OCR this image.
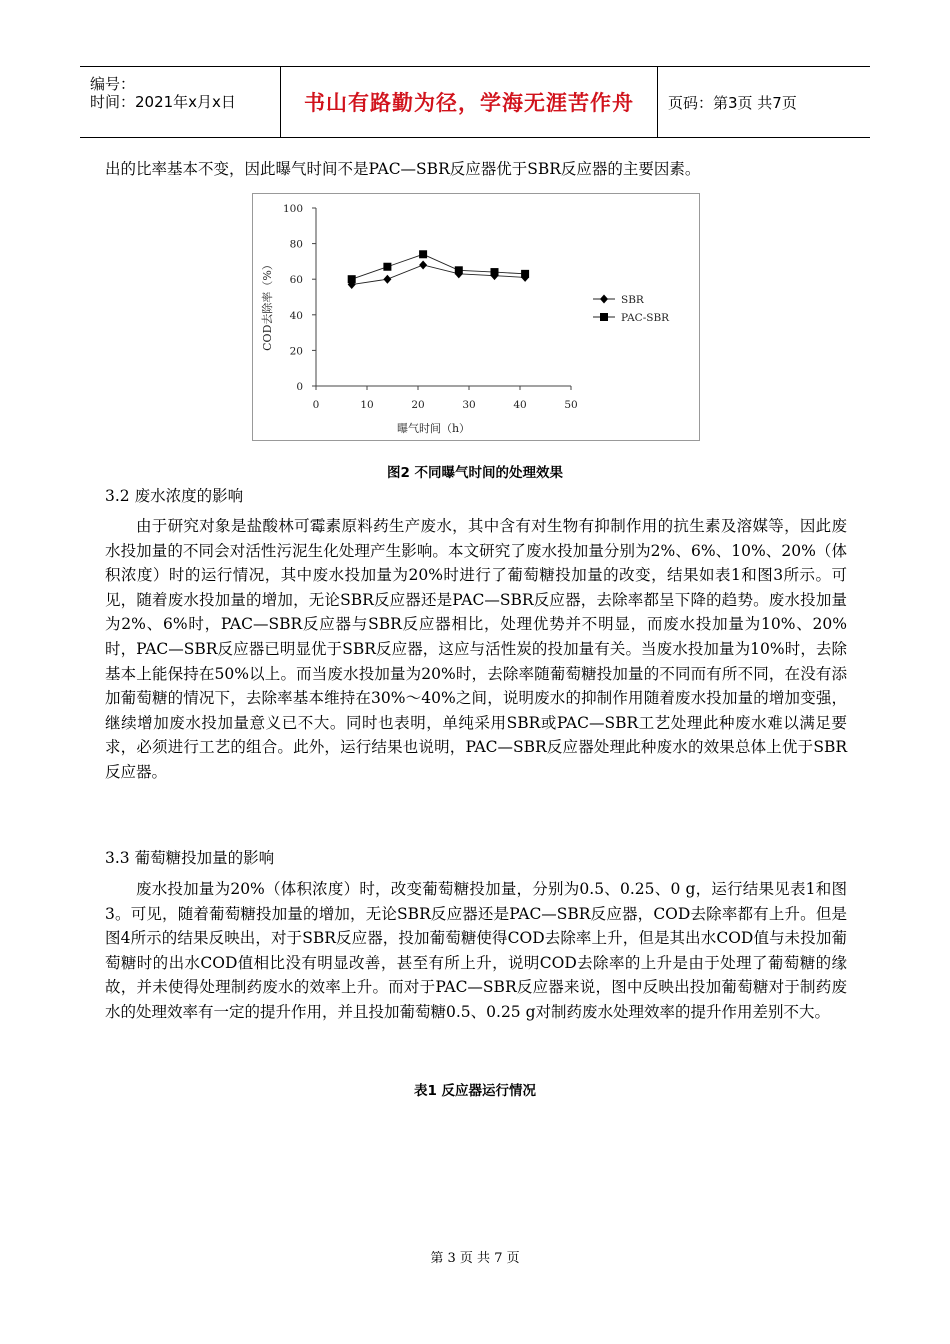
编号：
时间：2021年x月x日	书山有路勤为径，学海无涯苦作舟 页码：第3页 共7页
出的比率基本不变，因此曝气时间不是PAC—SBR反应器优于SBR反应器的主要因素。
0
20
40
60
80
100
0	10	20	30	40	50
曝气时间（h）
COD去除率（%）	SBR
PAC-SBR
图2 不同曝气时间的处理效果
3.2 废水浓度的影响
由于研究对象是盐酸林可霉素原料药生产废水，其中含有对生物有抑制作用的抗生素及溶媒等，因此废水投加量的不同会对活性污泥生化处理产生影响。本文研究了废水投加量分别为2%、6%、10%、20%（体积浓度）时的运行情况，其中废水投加量为20%时进行了葡萄糖投加量的改变，结果如表1和图3所示。可见，随着废水投加量的增加，无论SBR反应器还是PAC—SBR反应器，去除率都呈下降的趋势。废水投加量为2%、6%时，PAC—SBR反应器与SBR反应器相比，处理优势并不明显，而废水投加量为10%、20%时，PAC—SBR反应器已明显优于SBR反应器，这应与活性炭的投加量有关。当废水投加量为10%时，去除基本上能保持在50%以上。而当废水投加量为20%时，去除率随葡萄糖投加量的不同而有所不同，在没有添加葡萄糖的情况下，去除率基本维持在30%～40%之间，说明废水的抑制作用随着废水投加量的增加变强，继续增加废水投加量意义已不大。同时也表明，单纯采用SBR或PAC—SBR工艺处理此种废水难以满足要求，必须进行工艺的组合。此外，运行结果也说明，PAC—SBR反应器处理此种废水的效果总体上优于SBR反应器。
3.3 葡萄糖投加量的影响
废水投加量为20%（体积浓度）时，改变葡萄糖投加量，分别为0.5、0.25、0 g，运行结果见表1和图3。可见，随着葡萄糖投加量的增加，无论SBR反应器还是PAC—SBR反应器，COD去除率都有上升。但是图4所示的结果反映出，对于SBR反应器，投加葡萄糖使得COD去除率上升，但是其出水COD值与未投加葡萄糖时的出水COD值相比没有明显改善，甚至有所上升，说明COD去除率的上升是由于处理了葡萄糖的缘故，并未使得处理制药废水的效率上升。而对于PAC—SBR反应器来说，图中反映出投加葡萄糖对于制药废水的处理效率有一定的提升作用，并且投加葡萄糖0.5、0.25 g对制药废水处理效率的提升作用差别不大。
表1 反应器运行情况
第 3 页 共 7 页
